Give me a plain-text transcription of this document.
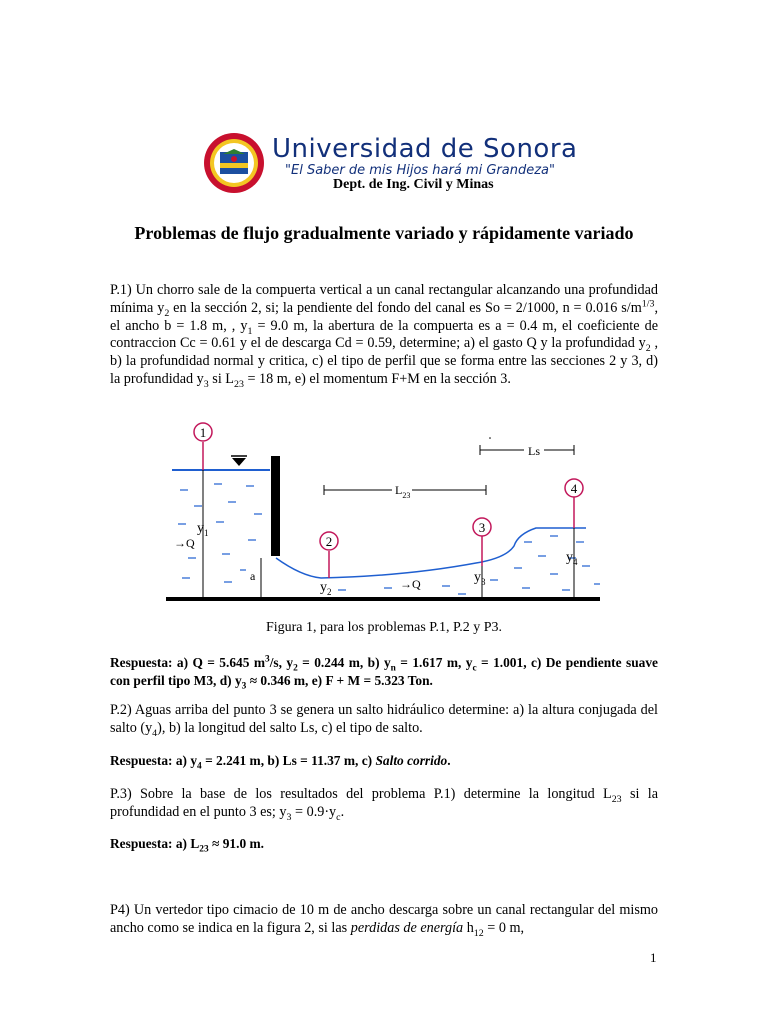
Universidad de Sonora
"El Saber de mis Hijos hará mi Grandeza"
Dept. de Ing. Civil y Minas
Problemas de flujo gradualmente variado y rápidamente variado
P.1) Un chorro sale de la compuerta vertical a un canal rectangular alcanzando una profundidad mínima $y_2$ en la sección 2, si; la pendiente del fondo del canal es So = 2/1000, n = 0.016 $s/m^{1/3}$, el ancho b = 1.8 m, , $y_1 = 9.0$ m, la abertura de la compuerta es a = 0.4 m, el coeficiente de contraccion Cc = 0.61 y el de descarga Cd = 0.59, determine; a) el gasto Q y la profundidad $y_2$ , b) la profundidad normal y critica, c) el tipo de perfil que se forma entre las secciones 2 y 3, d) la profundidad $y_3$ si $L_{23} = 18$ m, e) el momentum F+M en la sección 3.
1
2
3
4
Ls
$L_{23}$
$y_1$
$y_2$
$y_3$
$y_4$
→Q
→Q
a
Figura 1, para los problemas P.1, P.2 y P3.
Respuesta: a) Q = 5.645 $m^3/s$, $y_2 = 0.244$ m, b) $y_n = 1.617$ m, $y_c = 1.001$, c) De pendiente suave con perfil tipo M3, d) $y_3 \approx 0.346$ m, e) F + M = 5.323 Ton.
P.2) Aguas arriba del punto 3 se genera un salto hidráulico determine: a) la altura conjugada del salto $(y_4)$, b) la longitud del salto Ls, c) el tipo de salto.
Respuesta: a) $y_4 = 2.241$ m, b) Ls = 11.37 m, c) Salto corrido.
P.3) Sobre la base de los resultados del problema P.1) determine la longitud $L_{23}$ si la profundidad en el punto 3 es; $y_3 = 0.9\cdot y_c$.
Respuesta: a) $L_{23} \approx 91.0$ m.
P4) Un vertedor tipo cimacio de 10 m de ancho descarga sobre un canal rectangular del mismo ancho como se indica en la figura 2, si las perdidas de energía $h_{12} = 0$ m,
1
